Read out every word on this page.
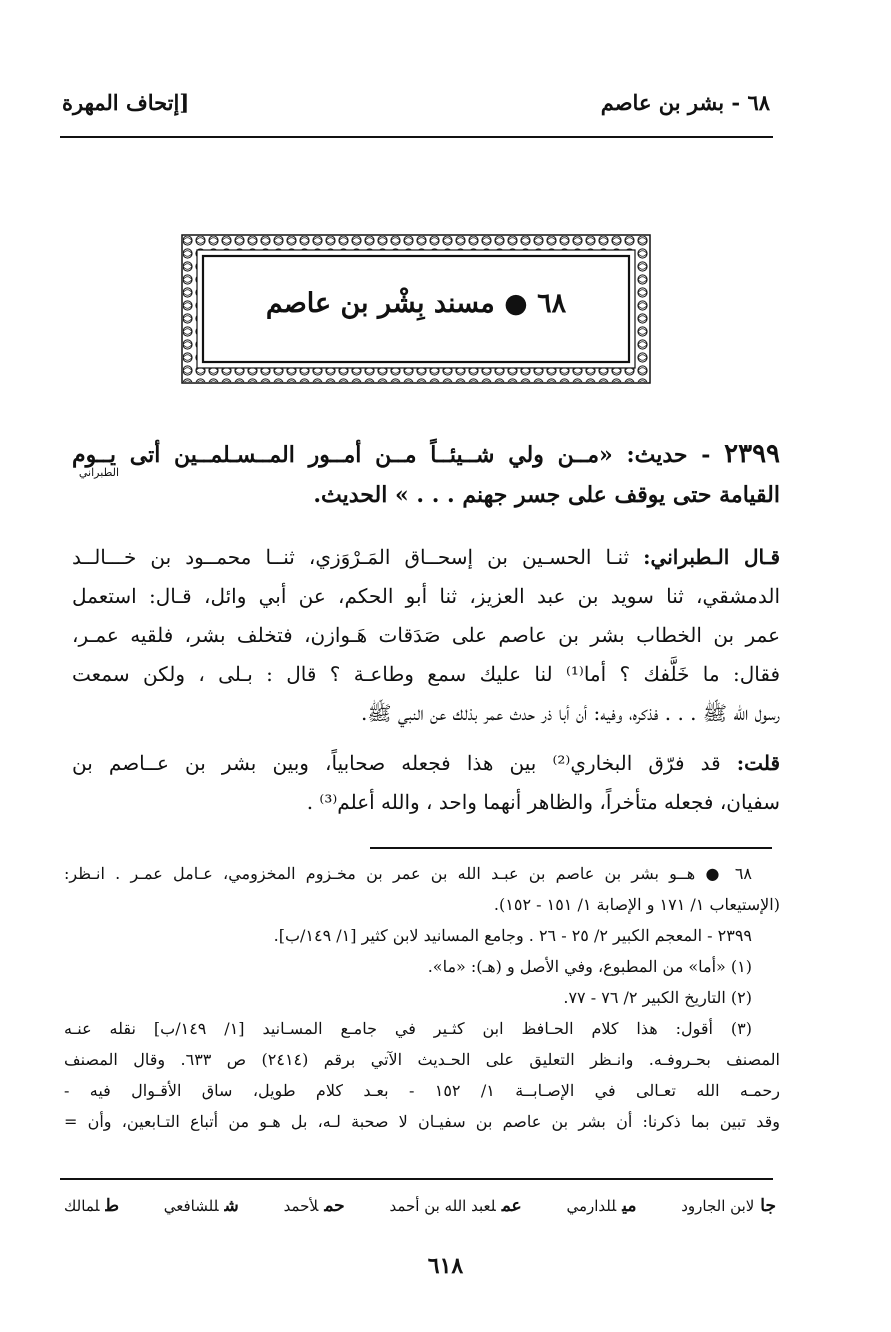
٦٨ - بشر بن عاصم
[إتحاف المهرة
٦٨ ● مسند بِشْر بن عاصم
٢٣٩٩ - حديث: «مــن ولي شــيئــاً مــن أمــور المــسـلمــين أتى يــوم
القيامة حتى يوقف على جسر جهنم . . . » الحديث.
الطبراني
قـال الـطبراني: ثنـا الحسـين بن إسحــاق المَـرْوَزي، ثنــا محمــود بن خـــالــد
الدمشقي، ثنا سويد بن عبد العزيز، ثنا أبو الحكم، عن أبي وائل، قـال: استعمل
عمر بن الخطاب بشر بن عاصم على صَدَقات هَـوازن، فتخلف بشر، فلقيه عمـر،
فقال: ما خَلَّفك ؟ أما⁽¹⁾ لنا عليك سمع وطاعـة ؟ قال : بـلى ، ولكن سمعت
رسول الله ﷺ . . . فذكره، وفيه: أن أبا ذر حدث عمر بذلك عن النبي ﷺ.
قلت: قد فرّق البخاري⁽²⁾ بين هذا فجعله صحابياً، وبين بشر بن عــاصم بن
سفيان، فجعله متأخراً، والظاهر أنهما واحد ، والله أعلم⁽³⁾ .
٦٨ ● هــو بشر بن عاصم بن عبـد الله بن عمر بن مخـزوم المخزومي، عـامل عمـر . انـظر:
(الإستيعاب ١/ ١٧١ و الإصابة ١/ ١٥١ - ١٥٢).
٢٣٩٩ - المعجم الكبير ٢/ ٢٥ - ٢٦ . وجامع المسانيد لابن كثير [١/ ١٤٩/ب].
(١) «أما» من المطبوع، وفي الأصل و (هـ): «ما».
(٢) التاريخ الكبير ٢/ ٧٦ - ٧٧.
(٣) أقول: هذا كلام الحـافظ ابن كثـير في جامـع المسـانيد [١/ ١٤٩/ب] نقله عنـه
المصنف بحـروفـه. وانـظر التعليق على الحـديث الآتي برقم (٢٤١٤) ص ٦٣٣. وقال المصنف
رحمـه الله تعـالى في الإصـابــة ١/ ١٥٢ - بعـد كلام طويل، ساق الأقـوال فيه -
وقد تبين بما ذكرنا: أن بشر بن عاصم بن سفيـان لا صحبة لـه، بل هـو من أتباع التـابعين، وأن =
طلمالك	شللشافعي	حملأحمد	عملعبد الله بن أحمد	ميللدارمي	جالابن الجارود
٦١٨
